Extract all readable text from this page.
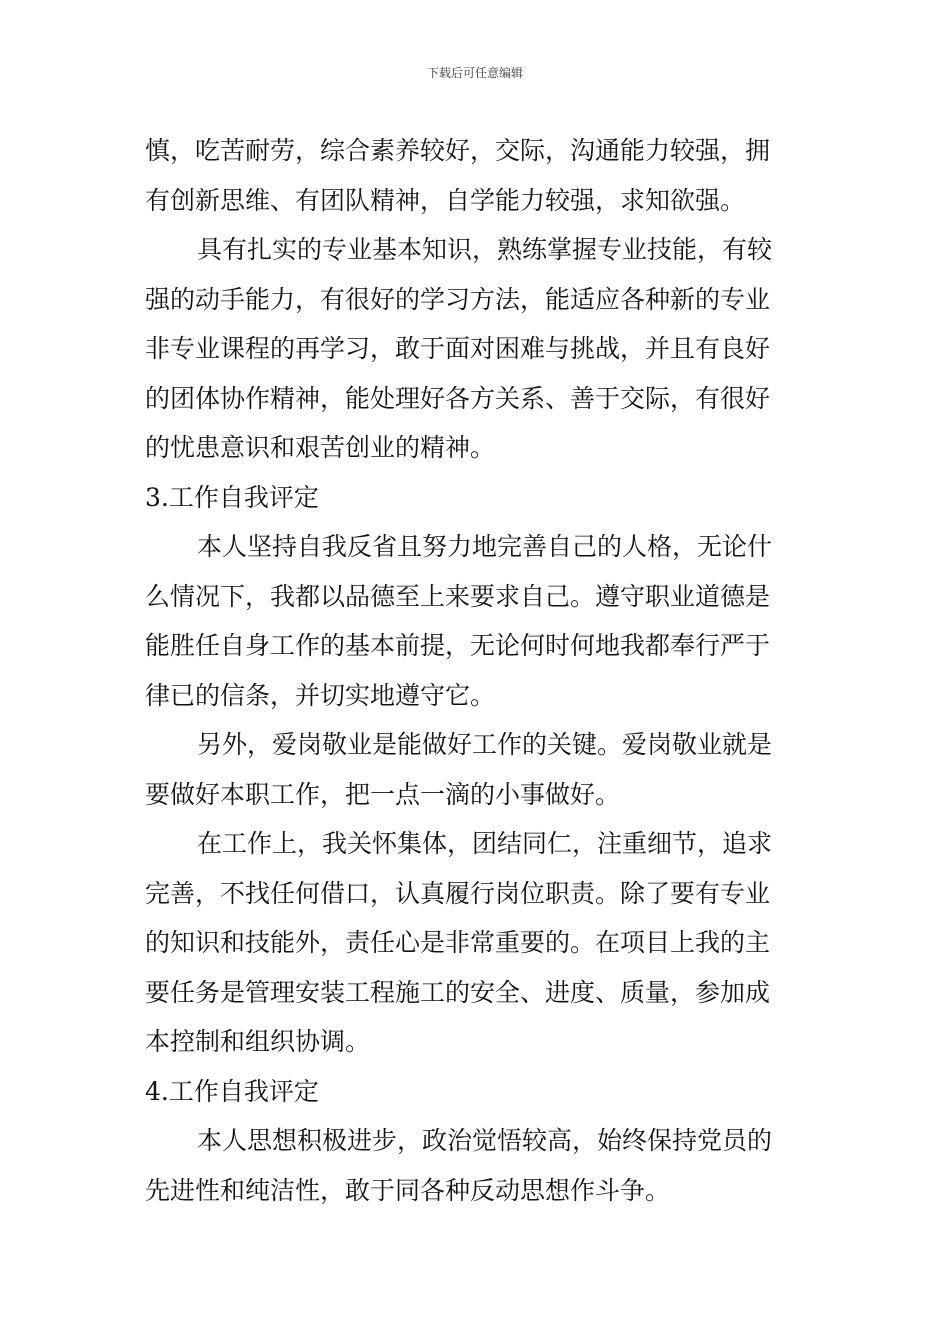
下载后可任意编辑
慎，吃苦耐劳，综合素养较好，交际，沟通能力较强，拥
有创新思维、有团队精神，自学能力较强，求知欲强。
具有扎实的专业基本知识，熟练掌握专业技能，有较
强的动手能力，有很好的学习方法，能适应各种新的专业
非专业课程的再学习，敢于面对困难与挑战，并且有良好
的团体协作精神，能处理好各方关系、善于交际，有很好
的忧患意识和艰苦创业的精神。
3.工作自我评定
本人坚持自我反省且努力地完善自己的人格，无论什
么情况下，我都以品德至上来要求自己。遵守职业道德是
能胜任自身工作的基本前提，无论何时何地我都奉行严于
律已的信条，并切实地遵守它。
另外，爱岗敬业是能做好工作的关键。爱岗敬业就是
要做好本职工作，把一点一滴的小事做好。
在工作上，我关怀集体，团结同仁，注重细节，追求
完善，不找任何借口，认真履行岗位职责。除了要有专业
的知识和技能外，责任心是非常重要的。在项目上我的主
要任务是管理安装工程施工的安全、进度、质量，参加成
本控制和组织协调。
4.工作自我评定
本人思想积极进步，政治觉悟较高，始终保持党员的
先进性和纯洁性，敢于同各种反动思想作斗争。
